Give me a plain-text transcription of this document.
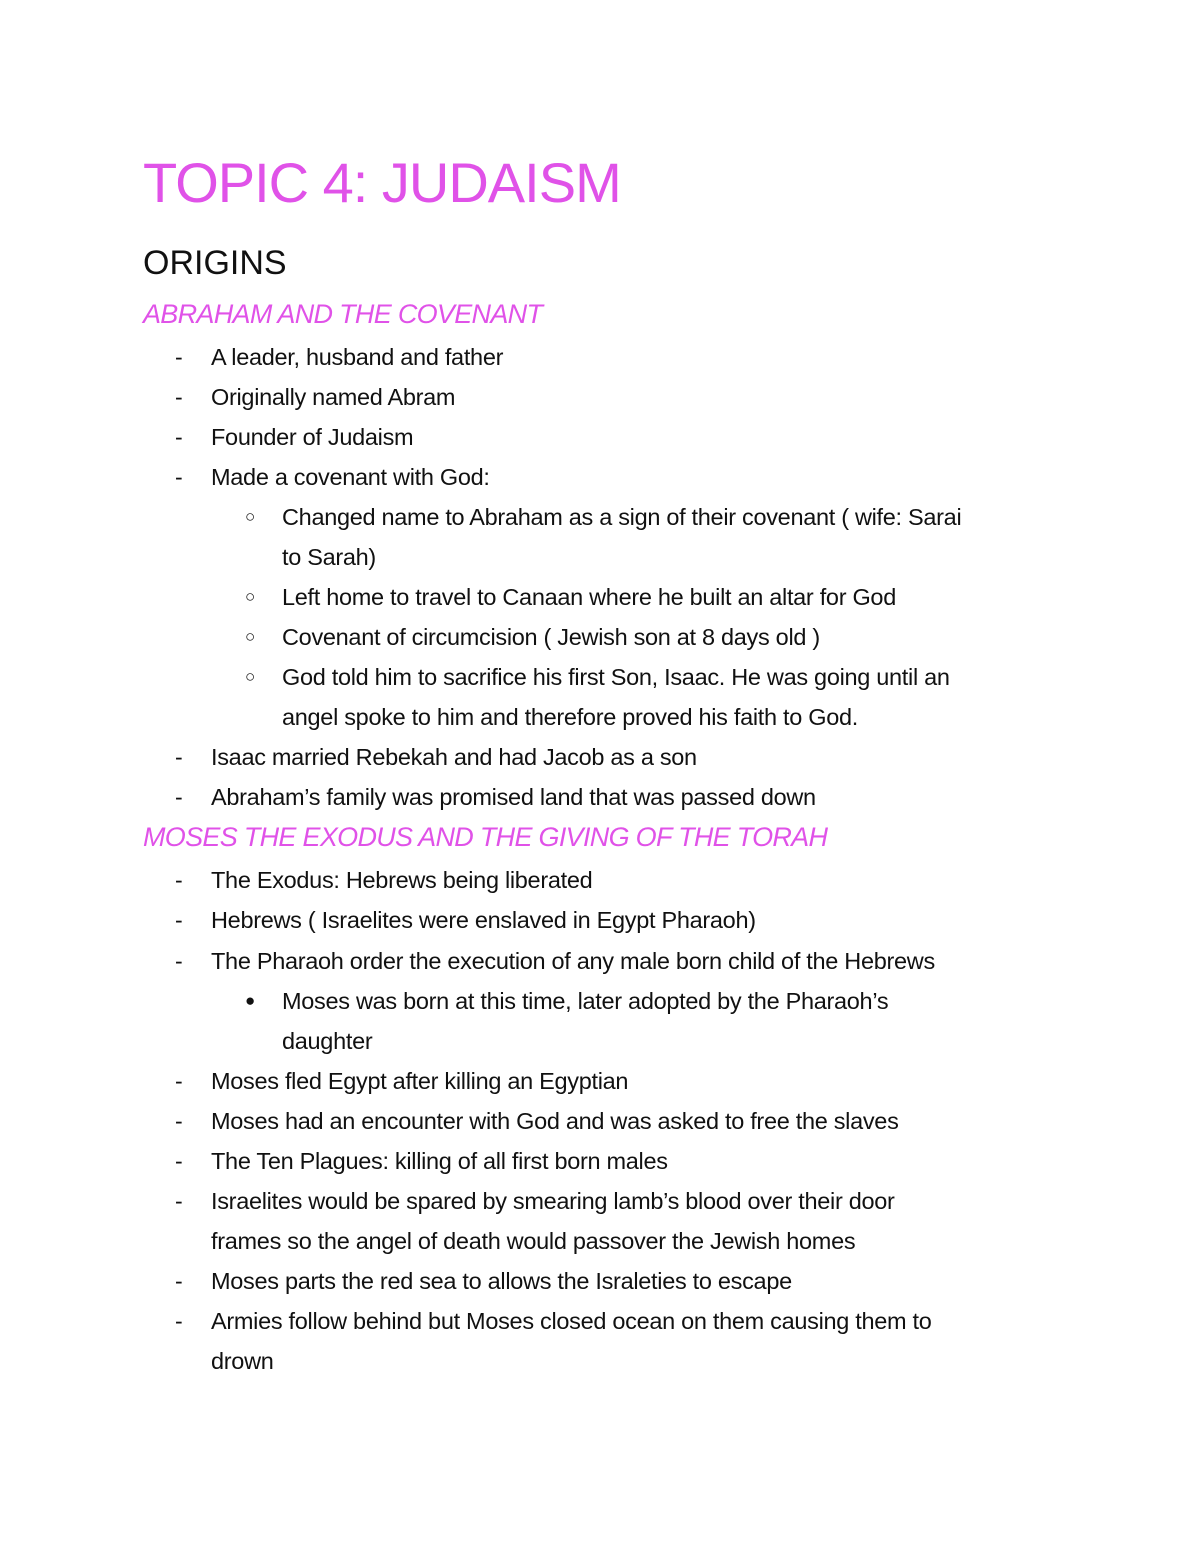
TOPIC 4: JUDAISM
ORIGINS
ABRAHAM AND THE COVENANT
- A leader, husband and father
- Originally named Abram
- Founder of Judaism
- Made a covenant with God:
○ Changed name to Abraham as a sign of their covenant ( wife: Sarai
to Sarah)
○ Left home to travel to Canaan where he built an altar for God
○ Covenant of circumcision ( Jewish son at 8 days old )
○ God told him to sacrifice his first Son, Isaac. He was going until an
angel spoke to him and therefore proved his faith to God.
- Isaac married Rebekah and had Jacob as a son
- Abraham’s family was promised land that was passed down
MOSES THE EXODUS AND THE GIVING OF THE TORAH
- The Exodus: Hebrews being liberated
- Hebrews ( Israelites were enslaved in Egypt Pharaoh)
- The Pharaoh order the execution of any male born child of the Hebrews
● Moses was born at this time, later adopted by the Pharaoh’s
daughter
- Moses fled Egypt after killing an Egyptian
- Moses had an encounter with God and was asked to free the slaves
- The Ten Plagues: killing of all first born males
- Israelites would be spared by smearing lamb’s blood over their door
frames so the angel of death would passover the Jewish homes
- Moses parts the red sea to allows the Israleties to escape
- Armies follow behind but Moses closed ocean on them causing them to
drown
